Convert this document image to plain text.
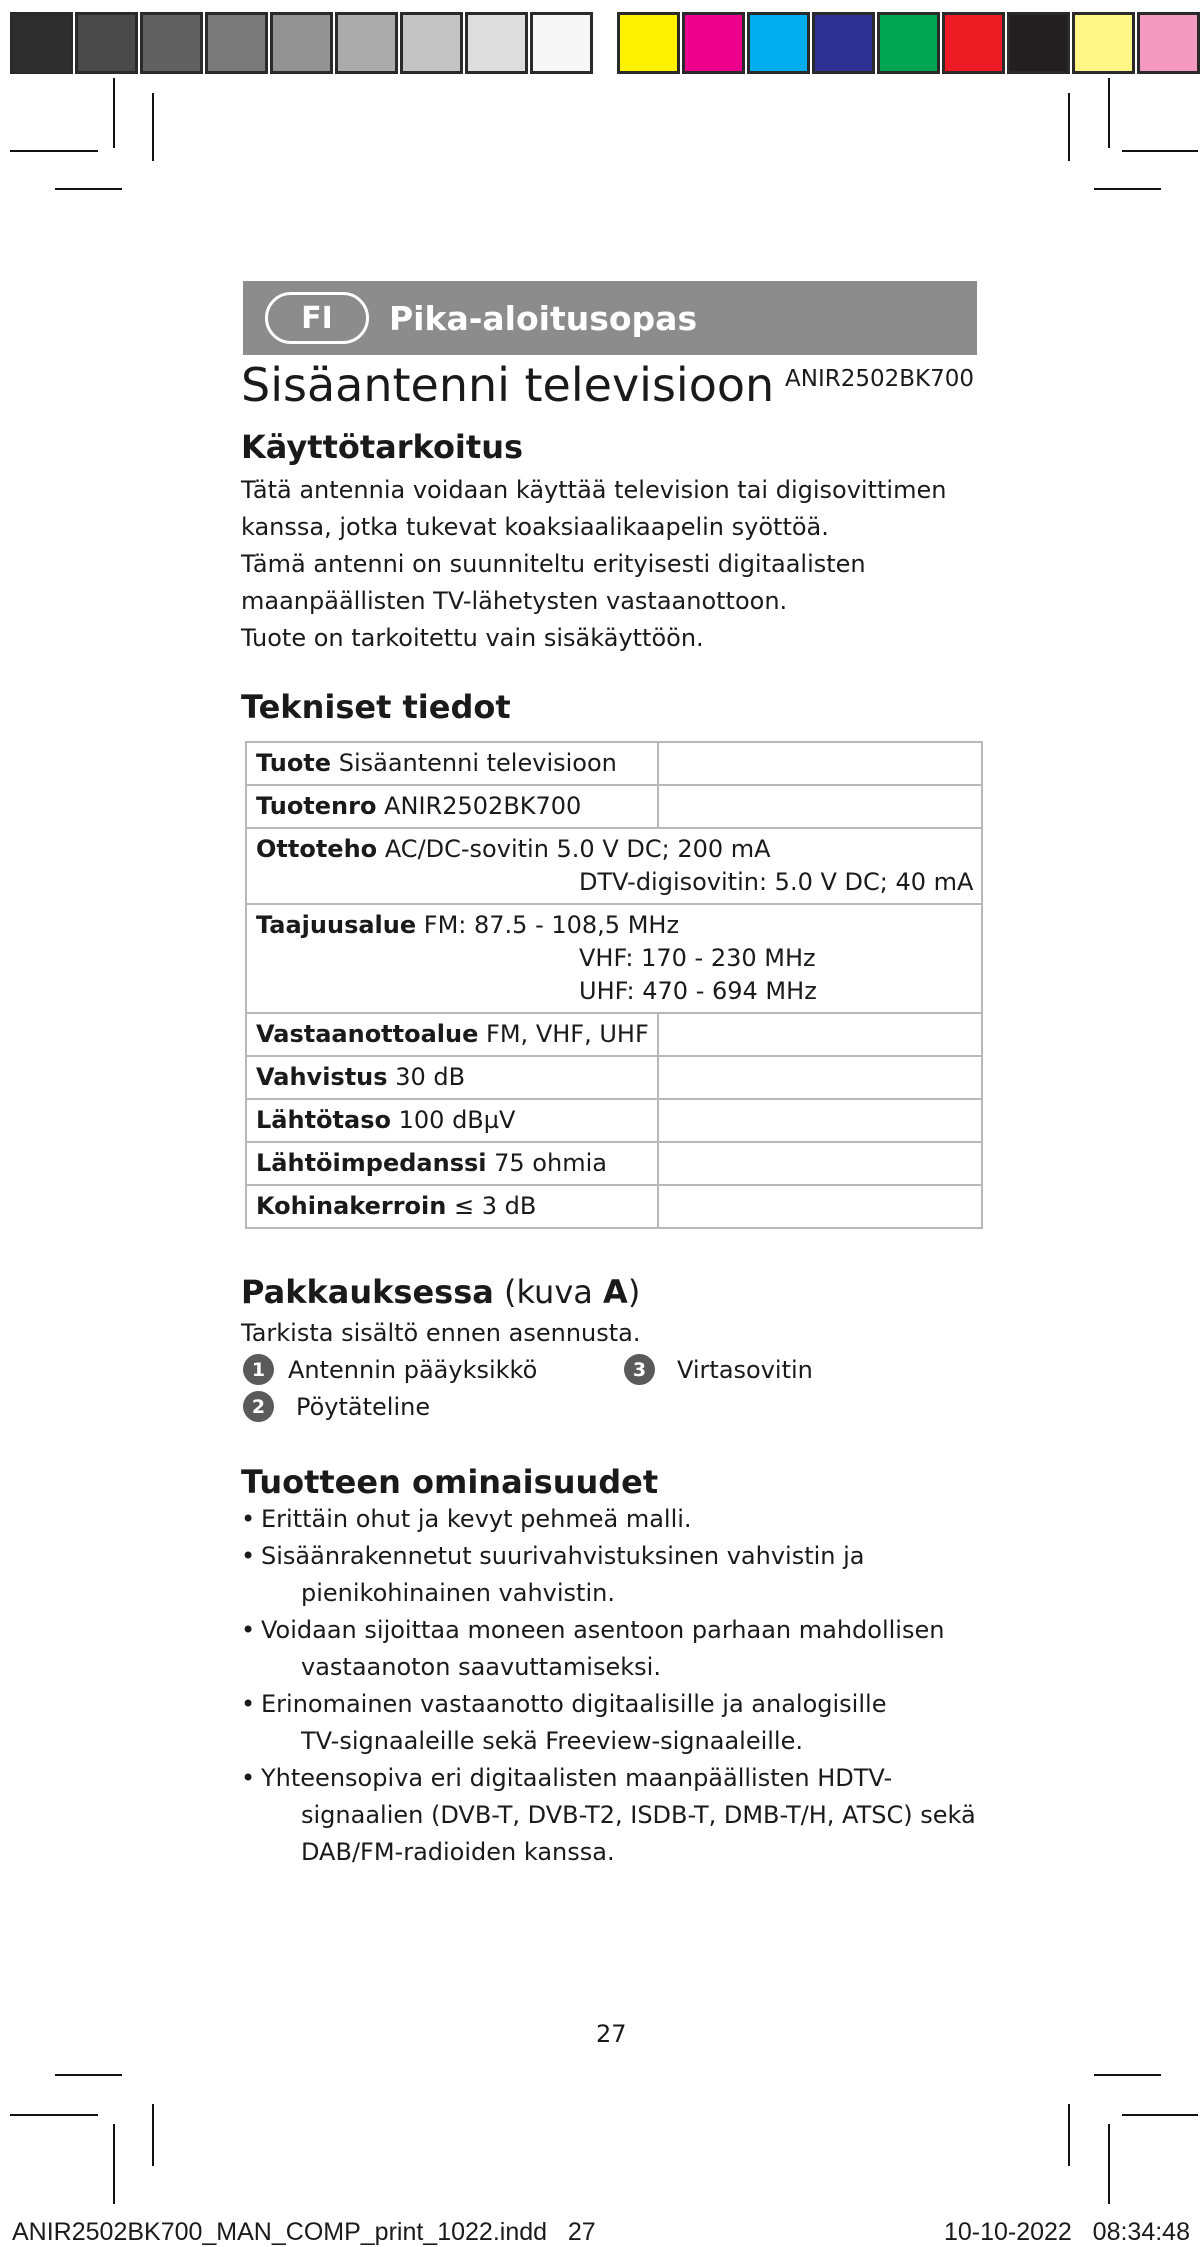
FI	Pika-aloitusopas
Sisäantenni televisioon ANIR2502BK700
Käyttötarkoitus
Tätä antennia voidaan käyttää television tai digisovittimen
kanssa, jotka tukevat koaksiaalikaapelin syöttöä.
Tämä antenni on suunniteltu erityisesti digitaalisten
maanpäällisten TV-lähetysten vastaanottoon.
Tuote on tarkoitettu vain sisäkäyttöön.
Tekniset tiedot
Tuote Sisäantenni televisioon	
Tuotenro ANIR2502BK700	

Ottoteho AC/DC-sovitin 5.0 V DC; 200 mA
DTV-digisovitin: 5.0 V DC; 40 mA	

Taajuusalue FM: 87.5 - 108,5 MHz
VHF: 170 - 230 MHz
UHF: 470 - 694 MHz	

Vastaanottoalue FM, VHF, UHF	
Vahvistus 30 dB	
Lähtötaso 100 dBµV	
Lähtöimpedanssi 75 ohmia	
Kohinakerroin ≤ 3 dB	
Pakkauksessa (kuva A)
Tarkista sisältö ennen asennusta.
1 Antennin pääyksikkö
2	Pöytäteline
3	Virtasovitin
Tuotteen ominaisuudet
• Erittäin ohut ja kevyt pehmeä malli.
• Sisäänrakennetut suurivahvistuksinen vahvistin ja
pienikohinainen vahvistin.
• Voidaan sijoittaa moneen asentoon parhaan mahdollisen
vastaanoton saavuttamiseksi.
• Erinomainen vastaanotto digitaalisille ja analogisille
TV-signaaleille sekä Freeview-signaaleille.
• Yhteensopiva eri digitaalisten maanpäällisten HDTV-
signaalien (DVB-T, DVB-T2, ISDB-T, DMB-T/H, ATSC) sekä
DAB/FM-radioiden kanssa.
27
ANIR2502BK700_MAN_COMP_print_1022.indd   27	10-10-2022   08:34:48
